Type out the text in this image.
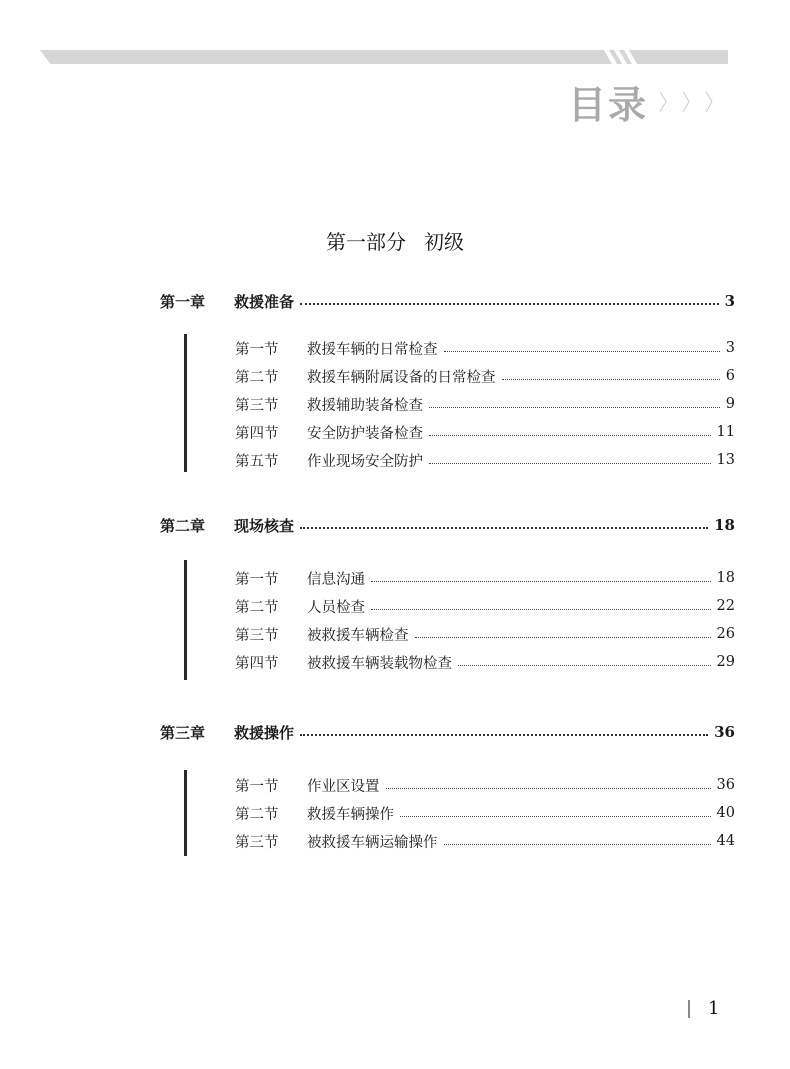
目录 〉 〉 〉
第一部分 初级
第一章	救援准备	3
第一节	救援车辆的日常检查	3
第二节	救援车辆附属设备的日常检查	6
第三节	救援辅助装备检查	9
第四节	安全防护装备检查	11
第五节	作业现场安全防护	13
第二章	现场核查	18
第一节	信息沟通	18
第二节	人员检查	22
第三节	被救援车辆检查	26
第四节	被救援车辆装载物检查	29
第三章	救援操作	36
第一节	作业区设置	36
第二节	救援车辆操作	40
第三节	被救援车辆运输操作	44
1
